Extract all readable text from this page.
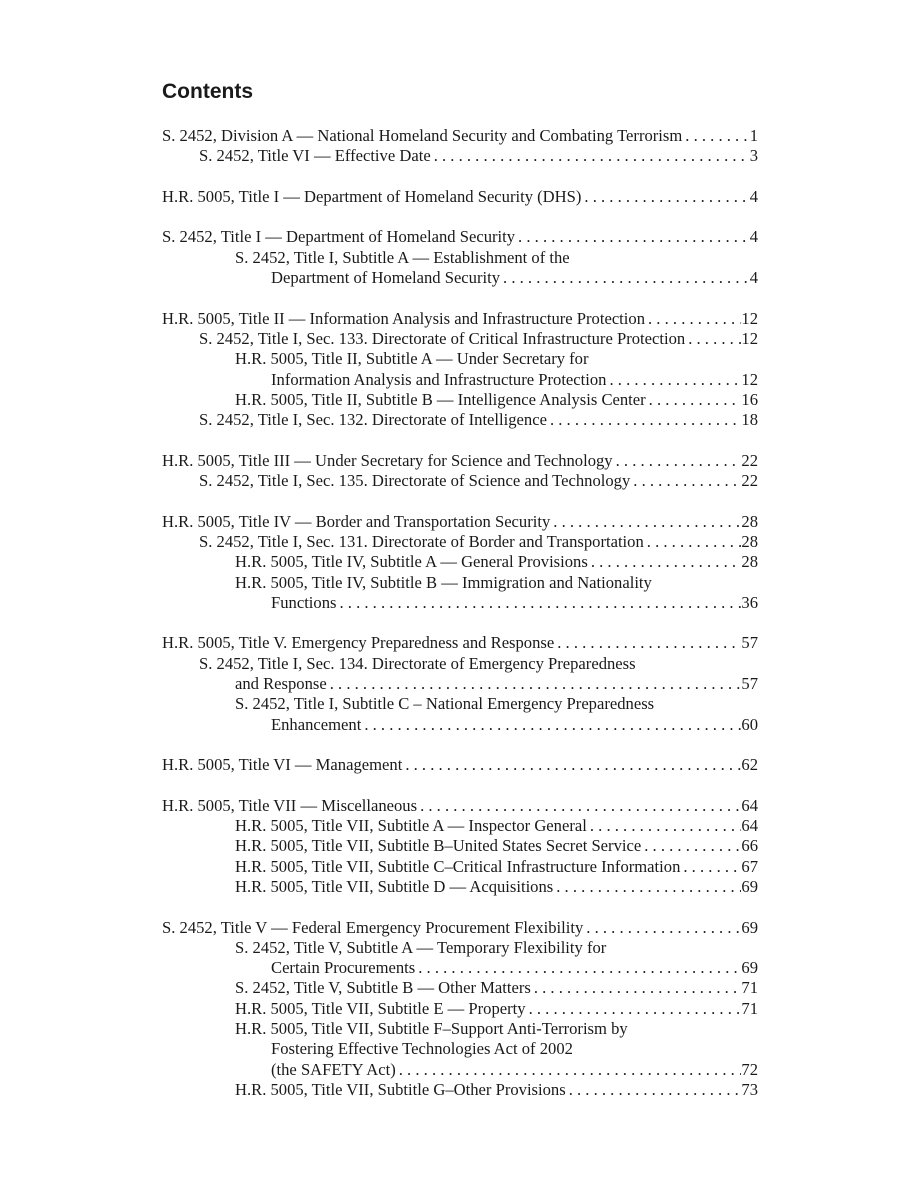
Contents
S. 2452, Division A — National Homeland Security and Combating Terrorism . . .	1
S. 2452, Title VI — Effective Date . . .	3
H.R. 5005, Title I — Department of Homeland Security (DHS) . . .	4
S. 2452, Title I — Department of Homeland Security . . .	4
S. 2452, Title I, Subtitle A — Establishment of the
Department of Homeland Security . . .	4
H.R. 5005, Title II — Information Analysis and Infrastructure Protection . . .	12
S. 2452, Title I, Sec. 133. Directorate of Critical Infrastructure Protection . . .	12
H.R. 5005, Title II, Subtitle A — Under Secretary for
Information Analysis and Infrastructure Protection . . .	12
H.R. 5005, Title II, Subtitle B — Intelligence Analysis Center . . .	16
S. 2452, Title I, Sec. 132. Directorate of Intelligence . . .	18
H.R. 5005, Title III — Under Secretary for Science and Technology . . .	22
S. 2452, Title I, Sec. 135. Directorate of Science and Technology . . .	22
H.R. 5005, Title IV — Border and Transportation Security . . .	28
S. 2452, Title I, Sec. 131. Directorate of Border and Transportation . . .	28
H.R. 5005, Title IV, Subtitle A — General Provisions . . .	28
H.R. 5005, Title IV, Subtitle B — Immigration and Nationality
Functions . . .	36
H.R. 5005, Title V. Emergency Preparedness and Response . . .	57
S. 2452, Title I, Sec. 134. Directorate of Emergency Preparedness
and Response . . .	57
S. 2452, Title I, Subtitle C – National Emergency Preparedness
Enhancement . . .	60
H.R. 5005, Title VI — Management . . .	62
H.R. 5005, Title VII — Miscellaneous . . .	64
H.R. 5005, Title VII, Subtitle A — Inspector General . . .	64
H.R. 5005, Title VII, Subtitle B–United States Secret Service . . .	66
H.R. 5005, Title VII, Subtitle C–Critical Infrastructure Information . . .	67
H.R. 5005, Title VII, Subtitle D — Acquisitions . . .	69
S. 2452, Title V — Federal Emergency Procurement Flexibility . . .	69
S. 2452, Title V, Subtitle A — Temporary Flexibility for
Certain Procurements . . .	69
S. 2452, Title V, Subtitle B — Other Matters . . .	71
H.R. 5005, Title VII, Subtitle E — Property . . .	71
H.R. 5005, Title VII, Subtitle F–Support Anti-Terrorism by
Fostering Effective Technologies Act of 2002
(the SAFETY Act) . . .	72
H.R. 5005, Title VII, Subtitle G–Other Provisions . . .	73
